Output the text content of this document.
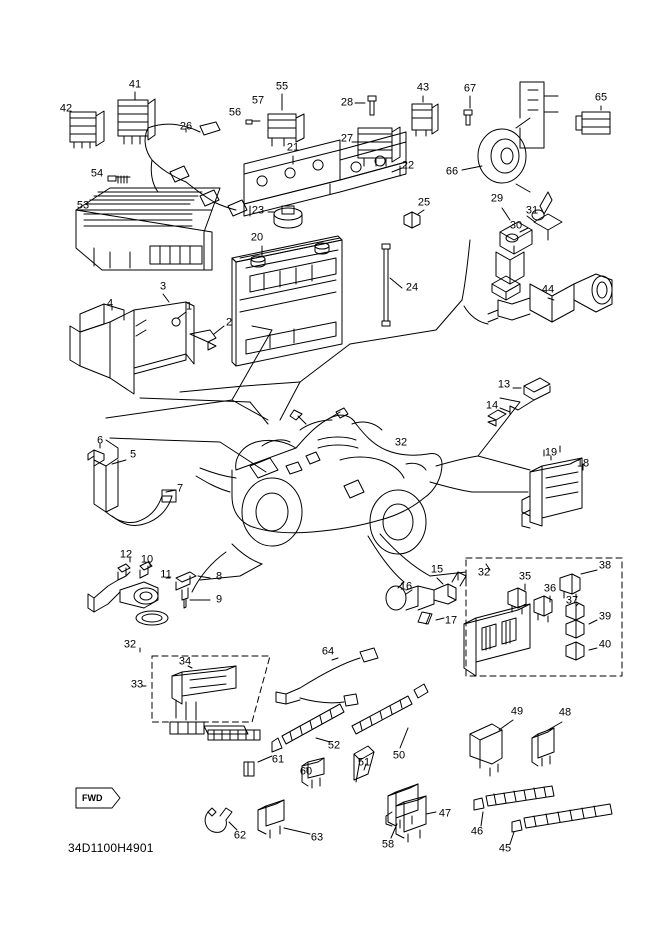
41
42
55
28
43	67
65
56
57
26
27
21
22	66
54
53	23
25	29
31
30
20
24	44
3
4	1
2
13
14
32
6
5	19
18
7
12 10
11	8
9
15
16
17
32	35
36
38
37
39
40
32
33
34
64
49	48
52
51
50
61
60
47
46
45
58
63
62
FWD
34D1100H4901
